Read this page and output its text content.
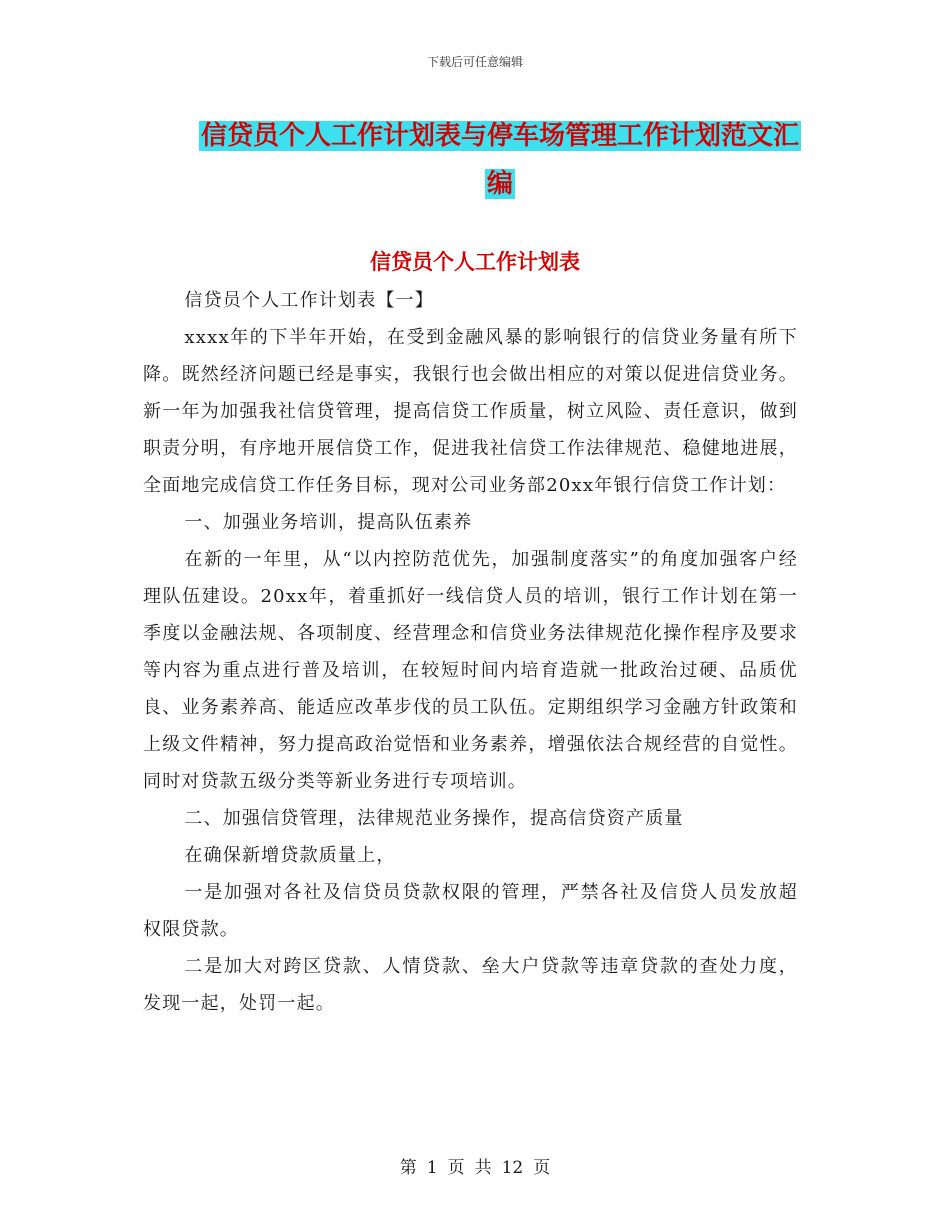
下载后可任意编辑
信贷员个人工作计划表与停车场管理工作计划范文汇
编
信贷员个人工作计划表

信贷员个人工作计划表【一】

xxxx年的下半年开始，在受到金融风暴的影响银行的信贷业务量有所下降。既然经济问题已经是事实，我银行也会做出相应的对策以促进信贷业务。新一年为加强我社信贷管理，提高信贷工作质量，树立风险、责任意识，做到职责分明，有序地开展信贷工作，促进我社信贷工作法律规范、稳健地进展，全面地完成信贷工作任务目标，现对公司业务部20xx年银行信贷工作计划：

一、加强业务培训，提高队伍素养

在新的一年里，从“以内控防范优先，加强制度落实”的角度加强客户经理队伍建设。20xx年，着重抓好一线信贷人员的培训，银行工作计划在第一季度以金融法规、各项制度、经营理念和信贷业务法律规范化操作程序及要求等内容为重点进行普及培训，在较短时间内培育造就一批政治过硬、品质优良、业务素养高、能适应改革步伐的员工队伍。定期组织学习金融方针政策和上级文件精神，努力提高政治觉悟和业务素养，增强依法合规经营的自觉性。同时对贷款五级分类等新业务进行专项培训。

二、加强信贷管理，法律规范业务操作，提高信贷资产质量

在确保新增贷款质量上，

一是加强对各社及信贷员贷款权限的管理，严禁各社及信贷人员发放超权限贷款。

二是加大对跨区贷款、人情贷款、垒大户贷款等违章贷款的查处力度，发现一起，处罚一起。

第 1 页 共 12 页
